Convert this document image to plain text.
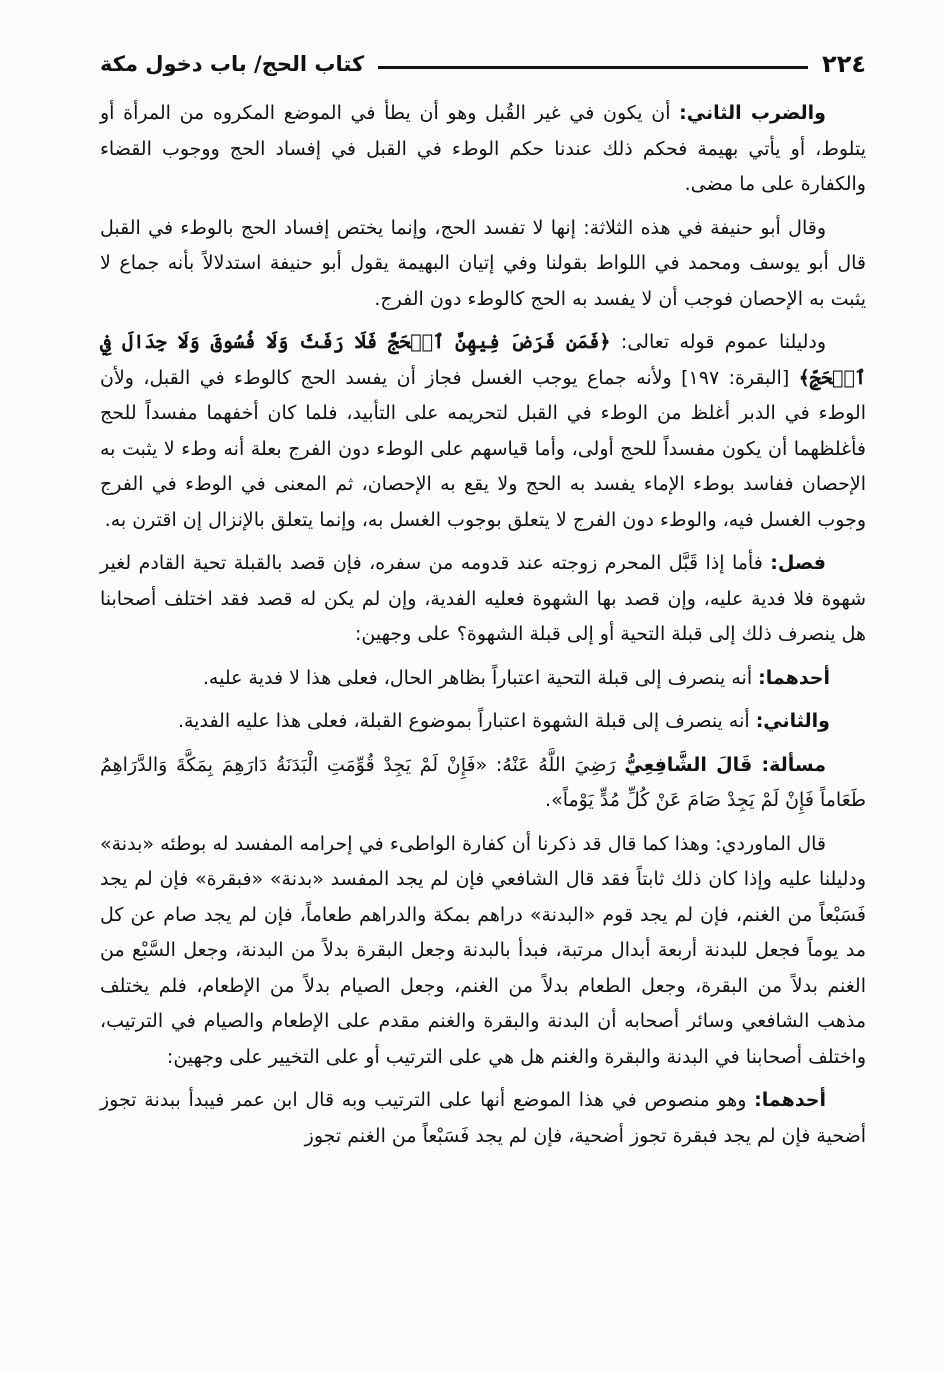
٢٢٤
كتاب الحج/ باب دخول مكة

والضرب الثاني: أن يكون في غير القُبل وهو أن يطأ في الموضع المكروه من المرأة أو يتلوط، أو يأتي بهيمة فحكم ذلك عندنا حكم الوطء في القبل في إفساد الحج ووجوب القضاء والكفارة على ما مضى.

وقال أبو حنيفة في هذه الثلاثة: إنها لا تفسد الحج، وإنما يختص إفساد الحج بالوطء في القبل قال أبو يوسف ومحمد في اللواط بقولنا وفي إتيان البهيمة يقول أبو حنيفة استدلالاً بأنه جماع لا يثبت به الإحصان فوجب أن لا يفسد به الحج كالوطء دون الفرج.

ودليلنا عموم قوله تعالى: ﴿فَمَن فَرَضَ فِيهِنَّ ٱلۡحَجَّ فَلَا رَفَثَ وَلَا فُسُوقَ وَلَا جِدَالَ فِي ٱلۡحَجِّ﴾ [البقرة: ١٩٧] ولأنه جماع يوجب الغسل فجاز أن يفسد الحج كالوطء في القبل، ولأن الوطء في الدبر أغلظ من الوطء في القبل لتحريمه على التأبيد، فلما كان أخفهما مفسداً للحج فأغلظهما أن يكون مفسداً للحج أولى، وأما قياسهم على الوطء دون الفرج بعلة أنه وطء لا يثبت به الإحصان ففاسد بوطء الإماء يفسد به الحج ولا يقع به الإحصان، ثم المعنى في الوطء في الفرج وجوب الغسل فيه، والوطء دون الفرج لا يتعلق بوجوب الغسل به، وإنما يتعلق بالإنزال إن اقترن به.

فصل: فأما إذا قَبَّل المحرم زوجته عند قدومه من سفره، فإن قصد بالقبلة تحية القادم لغير شهوة فلا فدية عليه، وإن قصد بها الشهوة فعليه الفدية، وإن لم يكن له قصد فقد اختلف أصحابنا هل ينصرف ذلك إلى قبلة التحية أو إلى قبلة الشهوة؟ على وجهين:

أحدهما: أنه ينصرف إلى قبلة التحية اعتباراً بظاهر الحال، فعلى هذا لا فدية عليه.

والثاني: أنه ينصرف إلى قبلة الشهوة اعتباراً بموضوع القبلة، فعلى هذا عليه الفدية.

مسألة: قَالَ الشَّافِعِيُّ رَضِيَ اللَّهُ عَنْهُ: «فَإِنْ لَمْ يَجِدْ قُوِّمَتِ الْبَدَنَةُ دَارَهِمَ بِمَكَّةَ وَالدَّرَاهِمُ طَعَاماً فَإِنْ لَمْ يَجِدْ صَامَ عَنْ كُلِّ مُدٍّ يَوْماً».

قال الماوردي: وهذا كما قال قد ذكرنا أن كفارة الواطىء في إحرامه المفسد له بوطئه «بدنة» ودليلنا عليه وإذا كان ذلك ثابتاً فقد قال الشافعي فإن لم يجد المفسد «بدنة» «فبقرة» فإن لم يجد فَسَبْعاً من الغنم، فإن لم يجد قوم «البدنة» دراهم بمكة والدراهم طعاماً، فإن لم يجد صام عن كل مد يوماً فجعل للبدنة أربعة أبدال مرتبة، فبدأ بالبدنة وجعل البقرة بدلاً من البدنة، وجعل السَّبْع من الغنم بدلاً من البقرة، وجعل الطعام بدلاً من الغنم، وجعل الصيام بدلاً من الإطعام، فلم يختلف مذهب الشافعي وسائر أصحابه أن البدنة والبقرة والغنم مقدم على الإطعام والصيام في الترتيب، واختلف أصحابنا في البدنة والبقرة والغنم هل هي على الترتيب أو على التخيير على وجهين:

أحدهما: وهو منصوص في هذا الموضع أنها على الترتيب وبه قال ابن عمر فيبدأ ببدنة تجوز أضحية فإن لم يجد فبقرة تجوز أضحية، فإن لم يجد فَسَبْعاً من الغنم تجوز
